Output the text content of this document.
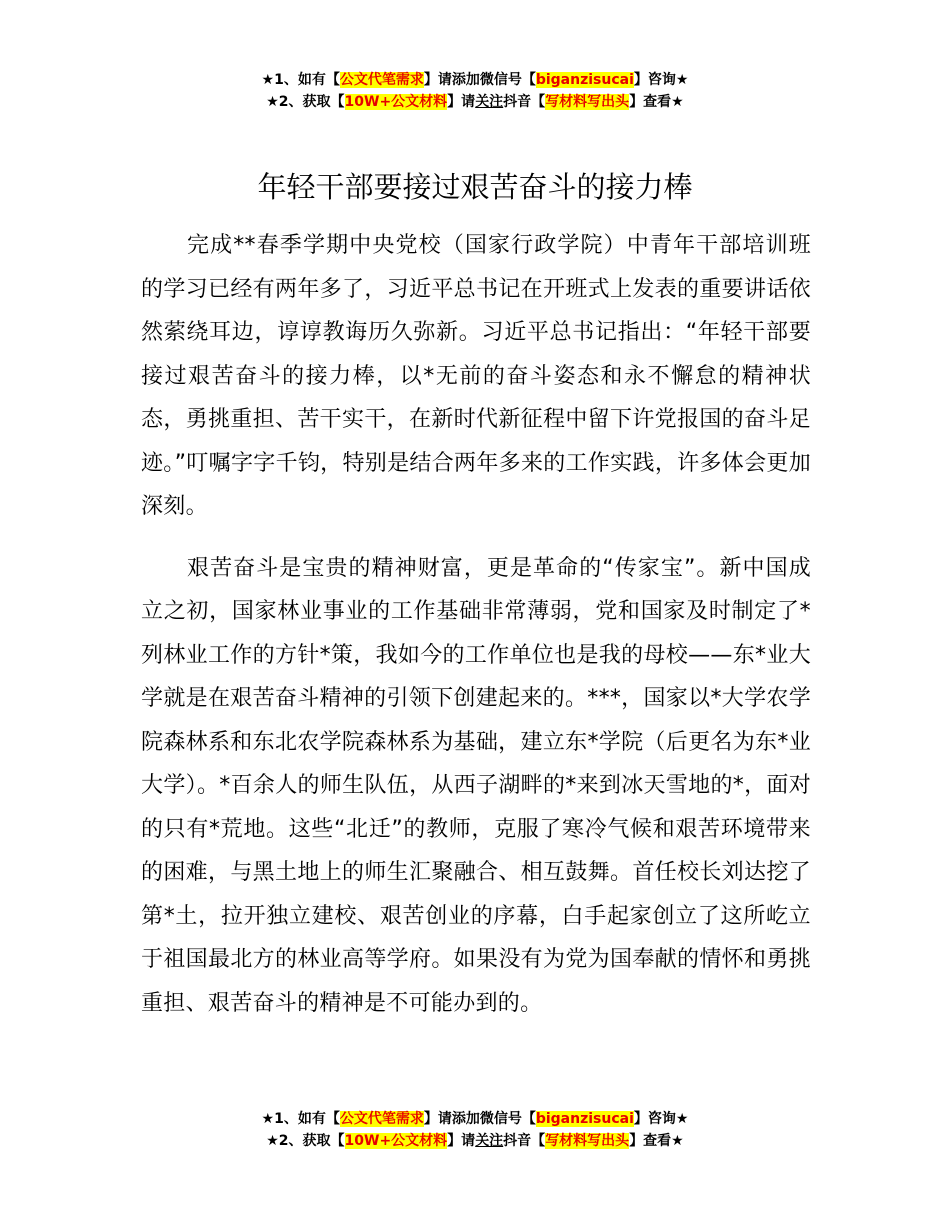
★1、如有【公文代笔需求】请添加微信号【biganzisucai】咨询★
★2、获取【10W+公文材料】请关注抖音【写材料写出头】查看★
年轻干部要接过艰苦奋斗的接力棒

完成**春季学期中央党校（国家行政学院）中青年干部培训班的学习已经有两年多了，习近平总书记在开班式上发表的重要讲话依然萦绕耳边，谆谆教诲历久弥新。习近平总书记指出：“年轻干部要接过艰苦奋斗的接力棒，以*无前的奋斗姿态和永不懈怠的精神状态，勇挑重担、苦干实干，在新时代新征程中留下许党报国的奋斗足迹。”叮嘱字字千钧，特别是结合两年多来的工作实践，许多体会更加深刻。

艰苦奋斗是宝贵的精神财富，更是革命的“传家宝”。新中国成立之初，国家林业事业的工作基础非常薄弱，党和国家及时制定了*列林业工作的方针*策，我如今的工作单位也是我的母校——东*业大学就是在艰苦奋斗精神的引领下创建起来的。***，国家以*大学农学院森林系和东北农学院森林系为基础，建立东*学院（后更名为东*业大学）。*百余人的师生队伍，从西子湖畔的*来到冰天雪地的*，面对的只有*荒地。这些“北迁”的教师，克服了寒冷气候和艰苦环境带来的困难，与黑土地上的师生汇聚融合、相互鼓舞。首任校长刘达挖了第*土，拉开独立建校、艰苦创业的序幕，白手起家创立了这所屹立于祖国最北方的林业高等学府。如果没有为党为国奉献的情怀和勇挑重担、艰苦奋斗的精神是不可能办到的。

★1、如有【公文代笔需求】请添加微信号【biganzisucai】咨询★
★2、获取【10W+公文材料】请关注抖音【写材料写出头】查看★
